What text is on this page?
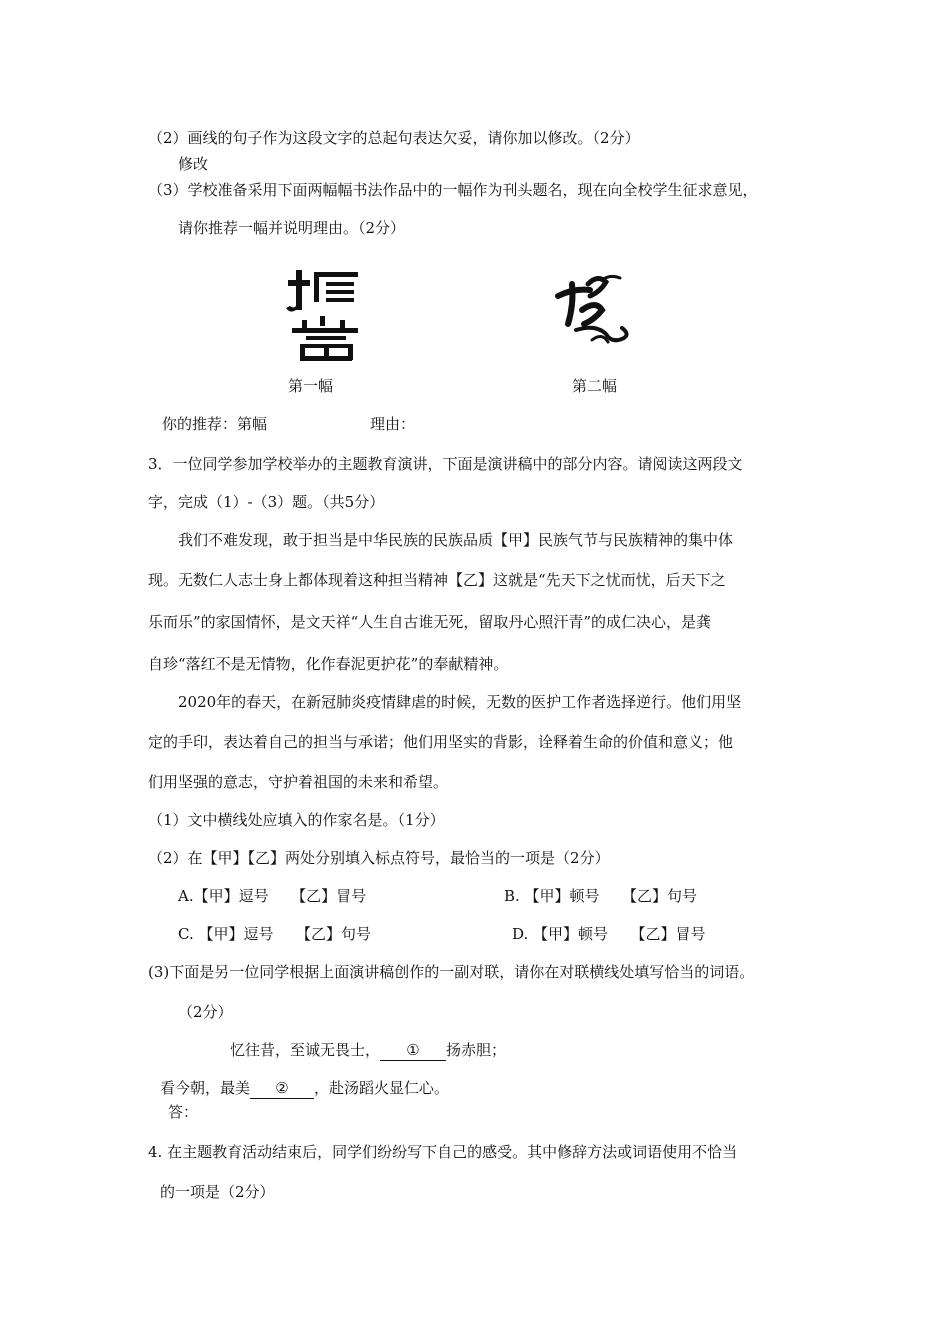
（2）画线的句子作为这段文字的总起句表达欠妥，请你加以修改。（2分）
修改
（3）学校准备采用下面两幅幅书法作品中的一幅作为刊头题名，现在向全校学生征求意见，
请你推荐一幅并说明理由。（2分）
第一幅	第二幅
你的推荐：第幅	理由：
3．一位同学参加学校举办的主题教育演讲，下面是演讲稿中的部分内容。请阅读这两段文
字，完成（1）-（3）题。（共5分）
我们不难发现，敢于担当是中华民族的民族品质【甲】民族气节与民族精神的集中体
现。无数仁人志士身上都体现着这种担当精神【乙】这就是“先天下之忧而忧，后天下之
乐而乐”的家国情怀，是文天祥“人生自古谁无死，留取丹心照汗青”的成仁决心，是龚
自珍“落红不是无情物，化作春泥更护花”的奉献精神。
2020年的春天，在新冠肺炎疫情肆虐的时候，无数的医护工作者选择逆行。他们用坚
定的手印，表达着自己的担当与承诺；他们用坚实的背影，诠释着生命的价值和意义；他
们用坚强的意志，守护着祖国的未来和希望。
（1）文中横线处应填入的作家名是。（1分）
（2）在【甲】【乙】两处分别填入标点符号，最恰当的一项是（2分）
A.【甲】逗号　　【乙】冒号	B. 【甲】顿号　　【乙】句号
C. 【甲】逗号　　【乙】句号	D. 【甲】顿号　　【乙】冒号
(3)下面是另一位同学根据上面演讲稿创作的一副对联，请你在对联横线处填写恰当的词语。
（2分）
忆往昔，至诚无畏士， ① 扬赤胆；
看今朝，最美 ② ，赴汤蹈火显仁心。
答：
4. 在主题教育活动结束后，同学们纷纷写下自己的感受。其中修辞方法或词语使用不恰当
的一项是（2分）
